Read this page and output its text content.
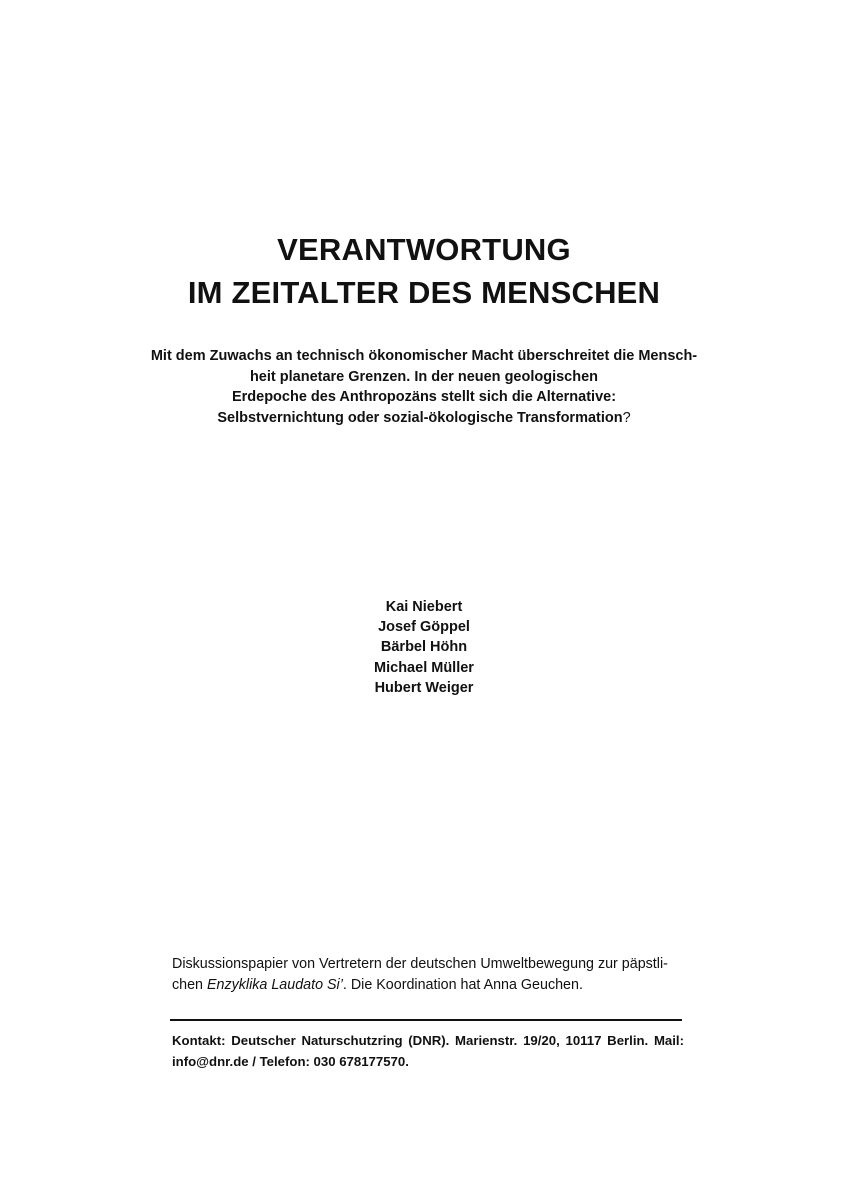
VERANTWORTUNG
IM ZEITALTER DES MENSCHEN
Mit dem Zuwachs an technisch ökonomischer Macht überschreitet die Mensch-
heit planetare Grenzen. In der neuen geologischen
Erdepoche des Anthropozäns stellt sich die Alternative:
Selbstvernichtung oder sozial-ökologische Transformation?
Kai Niebert
Josef Göppel
Bärbel Höhn
Michael Müller
Hubert Weiger
Diskussionspapier von Vertretern der deutschen Umweltbewegung zur päpstli-
chen Enzyklika Laudato Si’. Die Koordination hat Anna Geuchen.
Kontakt: Deutscher Naturschutzring (DNR). Marienstr. 19/20, 10117 Berlin. Mail:
info@dnr.de / Telefon: 030 678177570.
